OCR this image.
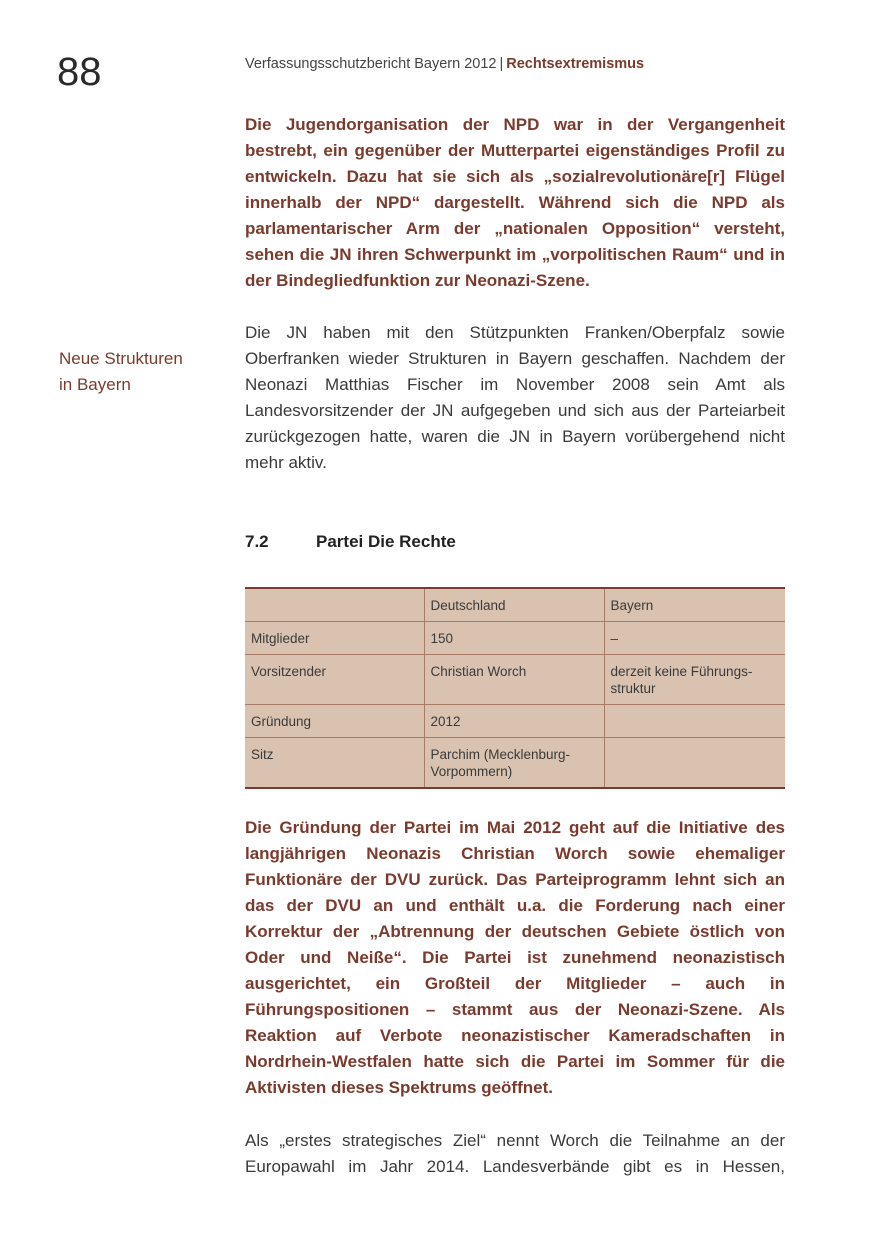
88	Verfassungsschutzbericht Bayern 2012 | Rechtsextremismus

Die Jugendorganisation der NPD war in der Vergangenheit bestrebt, ein gegenüber der Mutterpartei eigenständiges Profil zu entwickeln. Dazu hat sie sich als „sozialrevolutionäre[r] Flügel innerhalb der NPD“ dargestellt. Während sich die NPD als parlamentarischer Arm der „nationalen Opposition“ versteht, sehen die JN ihren Schwerpunkt im „vorpolitischen Raum“ und in der Bindegliedfunktion zur Neonazi-Szene.

Neue Strukturen
in Bayern

Die JN haben mit den Stützpunkten Franken/Oberpfalz sowie Oberfranken wieder Strukturen in Bayern geschaffen. Nachdem der Neonazi Matthias Fischer im November 2008 sein Amt als Landesvorsitzender der JN aufgegeben und sich aus der Parteiarbeit zurückgezogen hatte, waren die JN in Bayern vorübergehend nicht mehr aktiv.

7.2	Partei Die Rechte
	Deutschland	Bayern
Mitglieder	150	–
Vorsitzender	Christian Worch	derzeit keine Führungs-
struktur
Gründung	2012	
Sitz	Parchim (Mecklenburg-
Vorpommern)	

Die Gründung der Partei im Mai 2012 geht auf die Initiative des langjährigen Neonazis Christian Worch sowie ehemaliger Funktionäre der DVU zurück. Das Parteiprogramm lehnt sich an das der DVU an und enthält u.a. die Forderung nach einer Korrektur der „Abtrennung der deutschen Gebiete östlich von Oder und Neiße“. Die Partei ist zunehmend neonazistisch ausgerichtet, ein Großteil der Mitglieder – auch in Führungspositionen – stammt aus der Neonazi-Szene. Als Reaktion auf Verbote neonazistischer Kameradschaften in Nordrhein-Westfalen hatte sich die Partei im Sommer für die Aktivisten dieses Spektrums geöffnet.

Als „erstes strategisches Ziel“ nennt Worch die Teilnahme an der Europawahl im Jahr 2014. Landesverbände gibt es in Hessen,
